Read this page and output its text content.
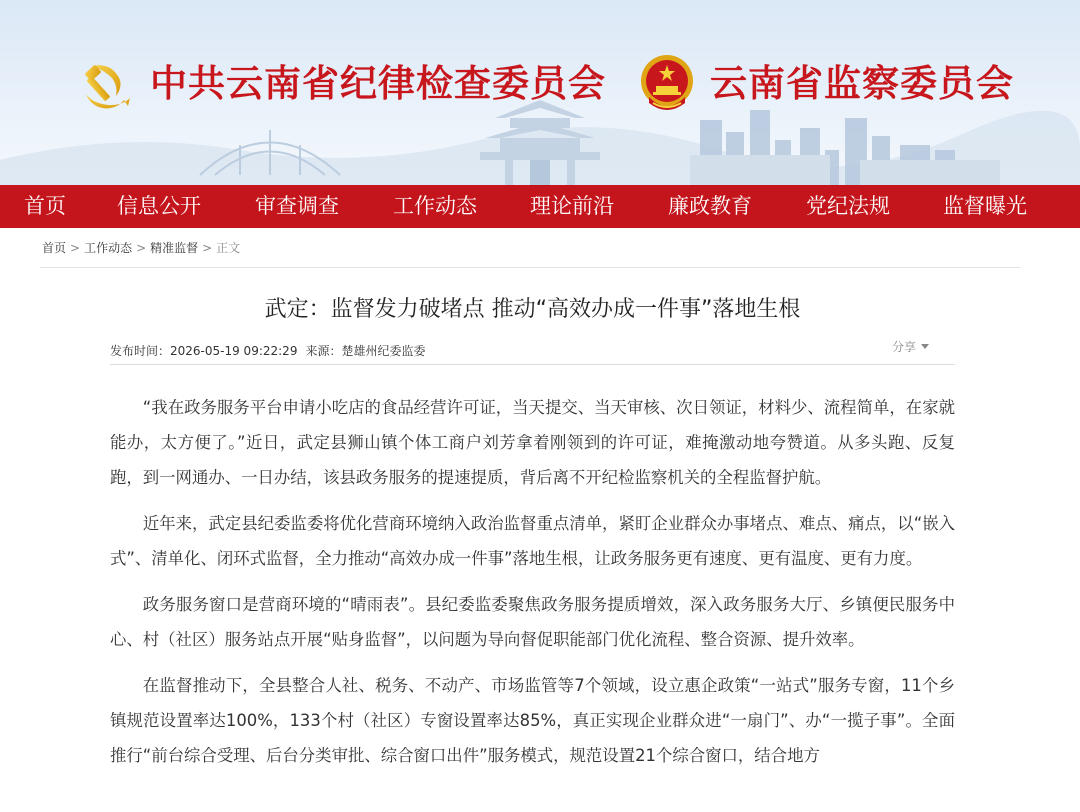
中共云南省纪律检查委员会	云南省监察委员会
首页 信息公开	审查调查	工作动态	理论前沿	廉政教育	党纪法规	监督曝光
首页 > 工作动态 > 精准监督 > 正文
武定：监督发力破堵点 推动“高效办成一件事”落地生根
发布时间：2026-05-19 09:22:29 来源：楚雄州纪委监委	分享

“我在政务服务平台申请小吃店的食品经营许可证，当天提交、当天审核、次日领证，材料少、流程简单，在家就能办，太方便了。”近日，武定县狮山镇个体工商户刘芳拿着刚领到的许可证，难掩激动地夸赞道。从多头跑、反复跑，到一网通办、一日办结，该县政务服务的提速提质，背后离不开纪检监察机关的全程监督护航。

近年来，武定县纪委监委将优化营商环境纳入政治监督重点清单，紧盯企业群众办事堵点、难点、痛点，以“嵌入式”、清单化、闭环式监督，全力推动“高效办成一件事”落地生根，让政务服务更有速度、更有温度、更有力度。

政务服务窗口是营商环境的“晴雨表”。县纪委监委聚焦政务服务提质增效，深入政务服务大厅、乡镇便民服务中心、村（社区）服务站点开展“贴身监督”，以问题为导向督促职能部门优化流程、整合资源、提升效率。

在监督推动下，全县整合人社、税务、不动产、市场监管等7个领域，设立惠企政策“一站式”服务专窗，11个乡镇规范设置率达100%，133个村（社区）专窗设置率达85%，真正实现企业群众进“一扇门”、办“一揽子事”。全面推行“前台综合受理、后台分类审批、综合窗口出件”服务模式，规范设置21个综合窗口，结合地方
